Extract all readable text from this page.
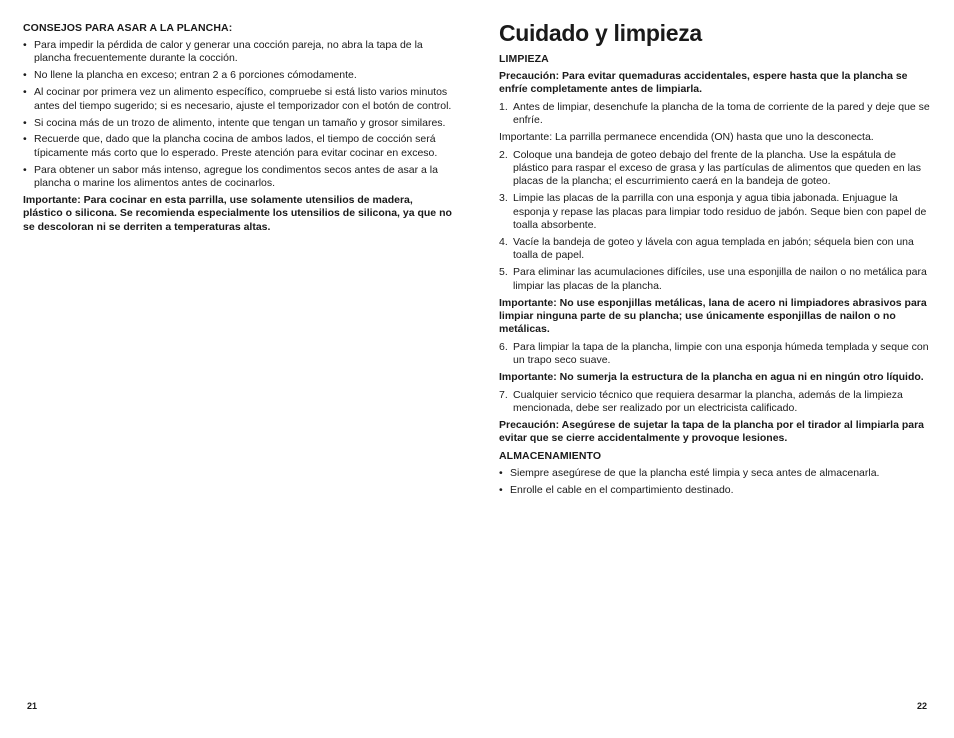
CONSEJOS PARA ASAR A LA PLANCHA:
• Para impedir la pérdida de calor y generar una cocción pareja, no abra la tapa de la plancha frecuentemente durante la cocción.
• No llene la plancha en exceso; entran 2 a 6 porciones cómodamente.
• Al cocinar por primera vez un alimento específico, compruebe si está listo varios minutos antes del tiempo sugerido; si es necesario, ajuste el temporizador con el botón de control.
• Si cocina más de un trozo de alimento, intente que tengan un tamaño y grosor similares.
• Recuerde que, dado que la plancha cocina de ambos lados, el tiempo de cocción será típicamente más corto que lo esperado. Preste atención para evitar cocinar en exceso.
• Para obtener un sabor más intenso, agregue los condimentos secos antes de asar a la plancha o marine los alimentos antes de cocinarlos.

Importante: Para cocinar en esta parrilla, use solamente utensilios de madera, plástico o silicona. Se recomienda especialmente los utensilios de silicona, ya que no se descoloran ni se derriten a temperaturas altas.

21
Cuidado y limpieza
LIMPIEZA

Precaución: Para evitar quemaduras accidentales, espere hasta que la plancha se enfríe completamente antes de limpiarla.

1. Antes de limpiar, desenchufe la plancha de la toma de corriente de la pared y deje que se enfríe.

Importante: La parrilla permanece encendida (ON) hasta que uno la desconecta.

2. Coloque una bandeja de goteo debajo del frente de la plancha. Use la espátula de plástico para raspar el exceso de grasa y las partículas de alimentos que queden en las placas de la plancha; el escurrimiento caerá en la bandeja de goteo.
3. Limpie las placas de la parrilla con una esponja y agua tibia jabonada. Enjuague la esponja y repase las placas para limpiar todo residuo de jabón. Seque bien con papel de toalla absorbente.
4. Vacíe la bandeja de goteo y lávela con agua templada en jabón; séquela bien con una toalla de papel.
5. Para eliminar las acumulaciones difíciles, use una esponjilla de nailon o no metálica para limpiar las placas de la plancha.

Importante: No use esponjillas metálicas, lana de acero ni limpiadores abrasivos para limpiar ninguna parte de su plancha; use únicamente esponjillas de nailon o no metálicas.

6. Para limpiar la tapa de la plancha, limpie con una esponja húmeda templada y seque con un trapo seco suave.

Importante: No sumerja la estructura de la plancha en agua ni en ningún otro líquido.

7. Cualquier servicio técnico que requiera desarmar la plancha, además de la limpieza mencionada, debe ser realizado por un electricista calificado.

Precaución: Asegúrese de sujetar la tapa de la plancha por el tirador al limpiarla para evitar que se cierre accidentalmente y provoque lesiones.

ALMACENAMIENTO
• Siempre asegúrese de que la plancha esté limpia y seca antes de almacenarla.
• Enrolle el cable en el compartimiento destinado.
22
